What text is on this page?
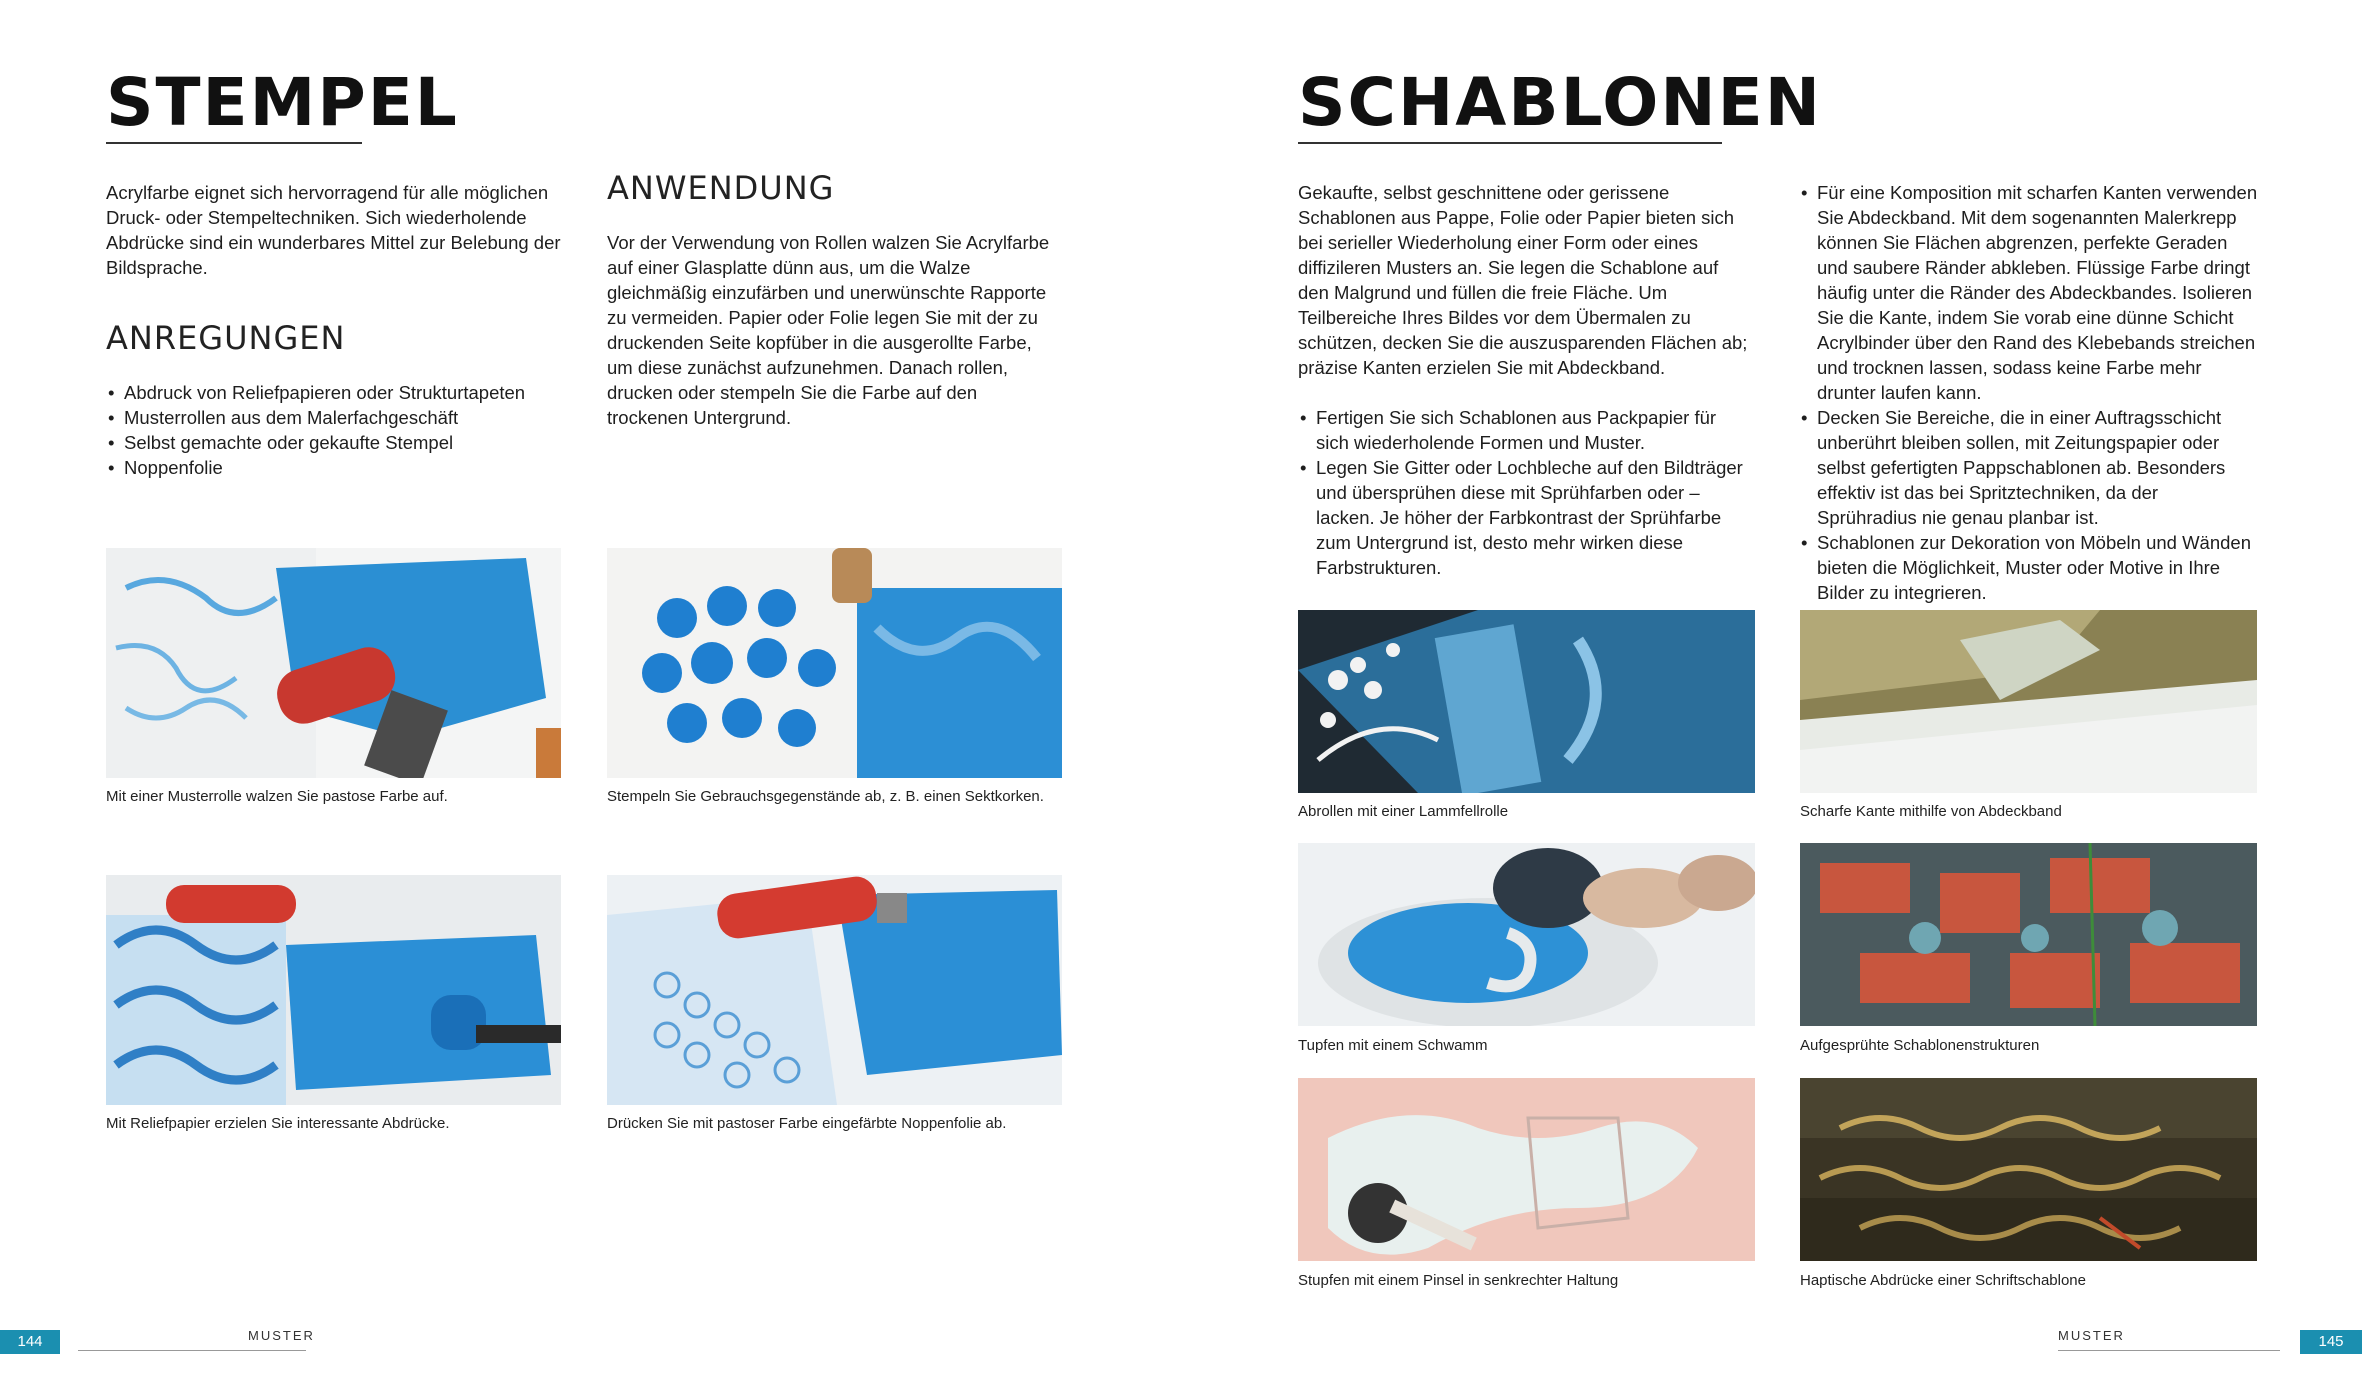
STEMPEL

Acrylfarbe eignet sich hervorragend für alle möglichen Druck- oder Stempeltechniken. Sich wiederholende Abdrücke sind ein wunderbares Mittel zur Belebung der Bildsprache.

ANREGUNGEN
• Abdruck von Reliefpapieren oder Strukturtapeten
• Musterrollen aus dem Malerfachgeschäft
• Selbst gemachte oder gekaufte Stempel
• Noppenfolie
ANWENDUNG

Vor der Verwendung von Rollen walzen Sie Acrylfarbe auf einer Glasplatte dünn aus, um die Walze gleichmäßig einzufärben und unerwünschte Rapporte zu vermeiden. Papier oder Folie legen Sie mit der zu druckenden Seite kopfüber in die ausgerollte Farbe, um diese zunächst aufzunehmen. Danach rollen, drucken oder stempeln Sie die Farbe auf den trockenen Untergrund.

Mit einer Musterrolle walzen Sie pastose Farbe auf.	Stempeln Sie Gebrauchsgegenstände ab, z. B. einen Sektkorken.
Mit Reliefpapier erzielen Sie interessante Abdrücke.	Drücken Sie mit pastoser Farbe eingefärbte Noppenfolie ab.
144	MUSTER
SCHABLONEN

Gekaufte, selbst geschnittene oder gerissene Schablonen aus Pappe, Folie oder Papier bieten sich bei serieller Wiederholung einer Form oder eines diffizileren Musters an. Sie legen die Schablone auf den Malgrund und füllen die freie Fläche. Um Teilbereiche Ihres Bildes vor dem Übermalen zu schützen, decken Sie die auszusparenden Flächen ab; präzise Kanten erzielen Sie mit Abdeckband.

• Fertigen Sie sich Schablonen aus Packpapier für sich wiederholende Formen und Muster.
• Legen Sie Gitter oder Lochbleche auf den Bildträger und übersprühen diese mit Sprühfarben oder –lacken. Je höher der Farbkontrast der Sprühfarbe zum Untergrund ist, desto mehr wirken diese Farbstrukturen.
• Für eine Komposition mit scharfen Kanten verwenden Sie Abdeckband. Mit dem sogenannten Malerkrepp können Sie Flächen abgrenzen, perfekte Geraden und saubere Ränder abkleben. Flüssige Farbe dringt häufig unter die Ränder des Abdeckbandes. Isolieren Sie die Kante, indem Sie vorab eine dünne Schicht Acrylbinder über den Rand des Klebebands streichen und trocknen lassen, sodass keine Farbe mehr drunter laufen kann.
• Decken Sie Bereiche, die in einer Auftragsschicht unberührt bleiben sollen, mit Zeitungspapier oder selbst gefertigten Pappschablonen ab. Besonders effektiv ist das bei Spritztechniken, da der Sprühradius nie genau planbar ist.
• Schablonen zur Dekoration von Möbeln und Wänden bieten die Möglichkeit, Muster oder Motive in Ihre Bilder zu integrieren.
Abrollen mit einer Lammfellrolle	Scharfe Kante mithilfe von Abdeckband
Tupfen mit einem Schwamm	Aufgesprühte Schablonenstrukturen
Stupfen mit einem Pinsel in senkrechter Haltung	Haptische Abdrücke einer Schriftschablone
MUSTER	145
